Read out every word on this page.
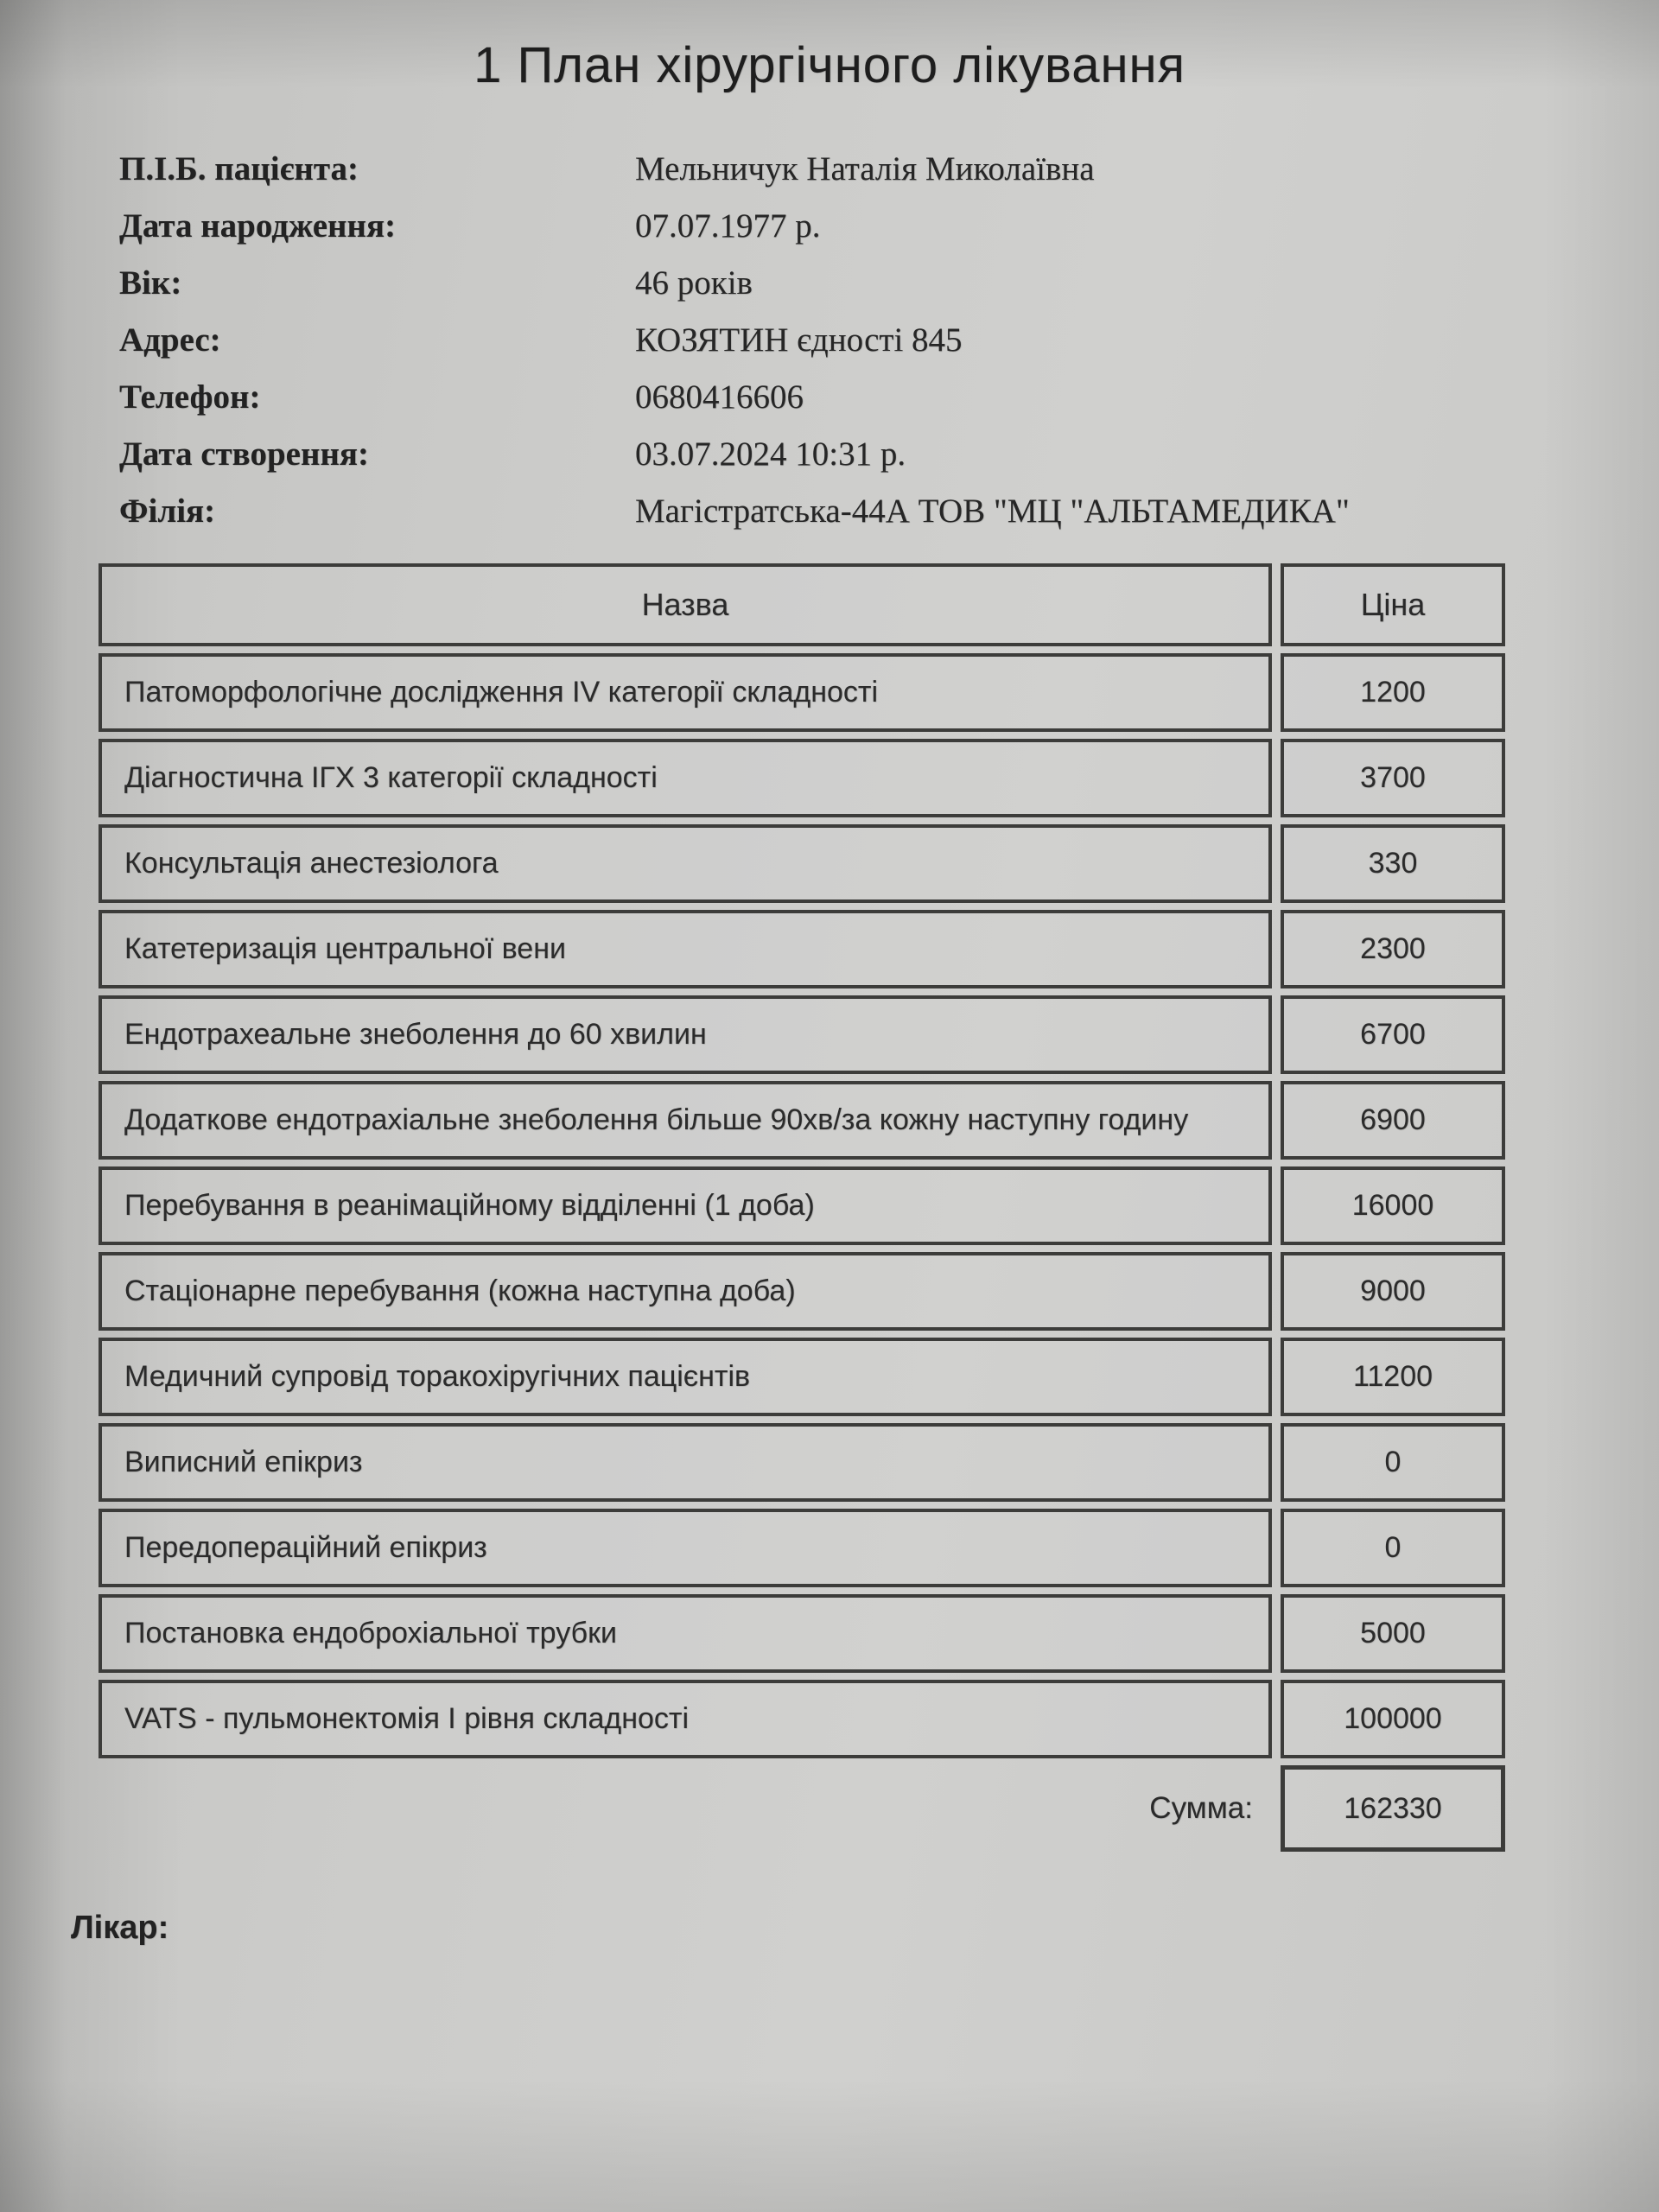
1 План хірургічного лікування
П.І.Б. пацієнта:	Мельничук Наталія Миколаївна
Дата народження:	07.07.1977 р.
Вік:	46 років
Адрес:	КОЗЯТИН єдності 845
Телефон:	0680416606
Дата створення:	03.07.2024 10:31 р.
Філія:	Магістратська-44А ТОВ "МЦ "АЛЬТАМЕДИКА"
Назва	Ціна
Патоморфологічне дослідження IV категорії складності	1200
Діагностична ІГХ 3 категорії складності	3700
Консультація анестезіолога	330
Катетеризація центральної вени	2300
Ендотрахеальне знеболення до 60 хвилин	6700
Додаткове ендотрахіальне знеболення більше 90хв/за кожну наступну годину	6900
Перебування в реанімаційному відділенні (1 доба)	16000
Стаціонарне перебування (кожна наступна доба)	9000
Медичний супровід торакохіругічних пацієнтів	11200
Виписний епікриз	0
Передопераційний епікриз	0
Постановка ендоброхіальної трубки	5000
VATS - пульмонектомія І рівня складності	100000
Сумма:	162330
Лікар:
